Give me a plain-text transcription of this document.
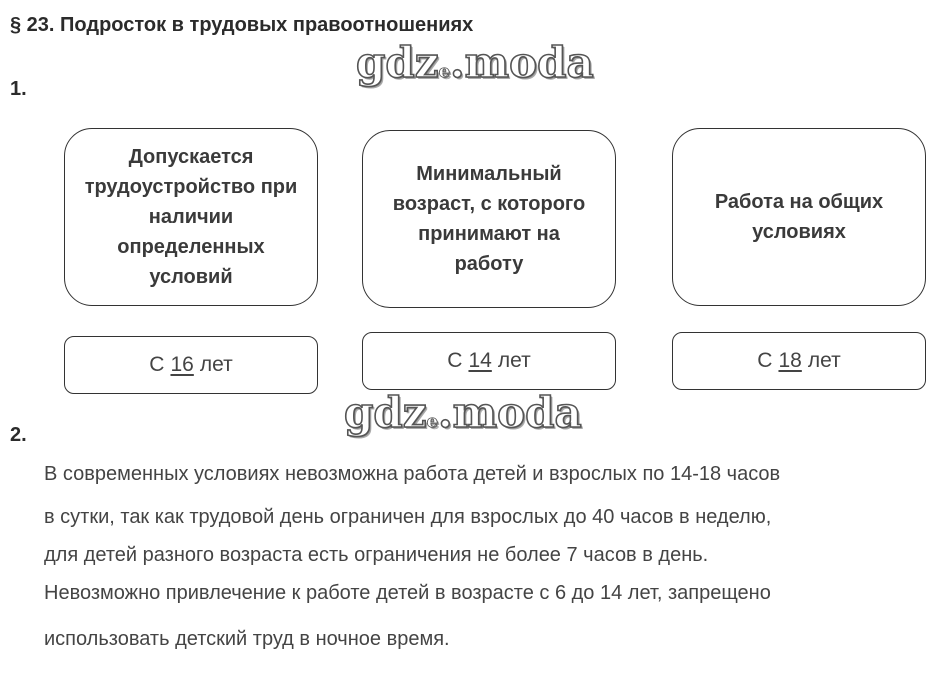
§ 23. Подросток в трудовых правоотношениях
1.
gdze.moda
Допускается трудоустройство при наличии определенных условий
Минимальный возраст, с которого принимают на работу
Работа на общих условиях
С 16 лет	С 14 лет	С 18 лет
gdze.moda
2.
В современных условиях невозможна работа детей и взрослых по 14-18 часов
в сутки, так как трудовой день ограничен для взрослых до 40 часов в неделю,
для детей разного возраста есть ограничения не более 7 часов в день.
Невозможно привлечение к работе детей в возрасте с 6 до 14 лет, запрещено
использовать детский труд в ночное время.
